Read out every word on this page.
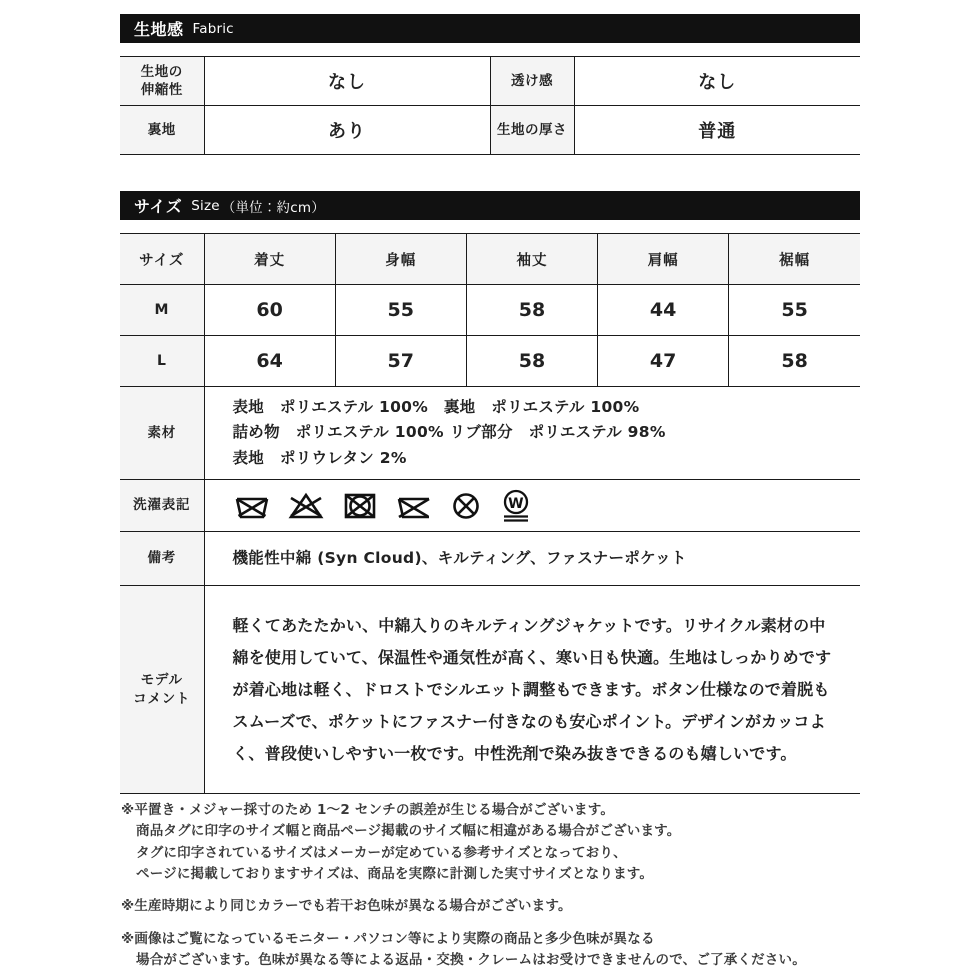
生地感 Fabric
生地の
伸縮性	なし	透け感	なし
裏地	あり	生地の厚さ	普通
サイズ Size （単位：約cm）
サイズ	着丈	身幅	袖丈	肩幅	裾幅
M	60	55	58	44	55
L	64	57	58	47	58
素材	表地　ポリエステル 100%　裏地　ポリエステル 100%
詰め物　ポリエステル 100% リブ部分　ポリエステル 98%
表地　ポリウレタン 2%

洗濯表記	W

備考	機能性中綿 (Syn Cloud)、キルティング、ファスナーポケット
モデル
コメント	軽くてあたたかい、中綿入りのキルティングジャケットです。リサイクル素材の中綿を使用していて、保温性や通気性が高く、寒い日も快適。生地はしっかりめですが着心地は軽く、ドロストでシルエット調整もできます。ボタン仕様なので着脱もスムーズで、ポケットにファスナー付きなのも安心ポイント。デザインがカッコよく、普段使いしやすい一枚です。中性洗剤で染み抜きできるのも嬉しいです。
※平置き・メジャー採寸のため 1〜2 センチの誤差が生じる場合がございます。
商品タグに印字のサイズ幅と商品ページ掲載のサイズ幅に相違がある場合がございます。
タグに印字されているサイズはメーカーが定めている参考サイズとなっており、
ページに掲載しておりますサイズは、商品を実際に計測した実寸サイズとなります。
※生産時期により同じカラーでも若干お色味が異なる場合がございます。
※画像はご覧になっているモニター・パソコン等により実際の商品と多少色味が異なる
場合がございます。色味が異なる等による返品・交換・クレームはお受けできませんので、ご了承ください。
